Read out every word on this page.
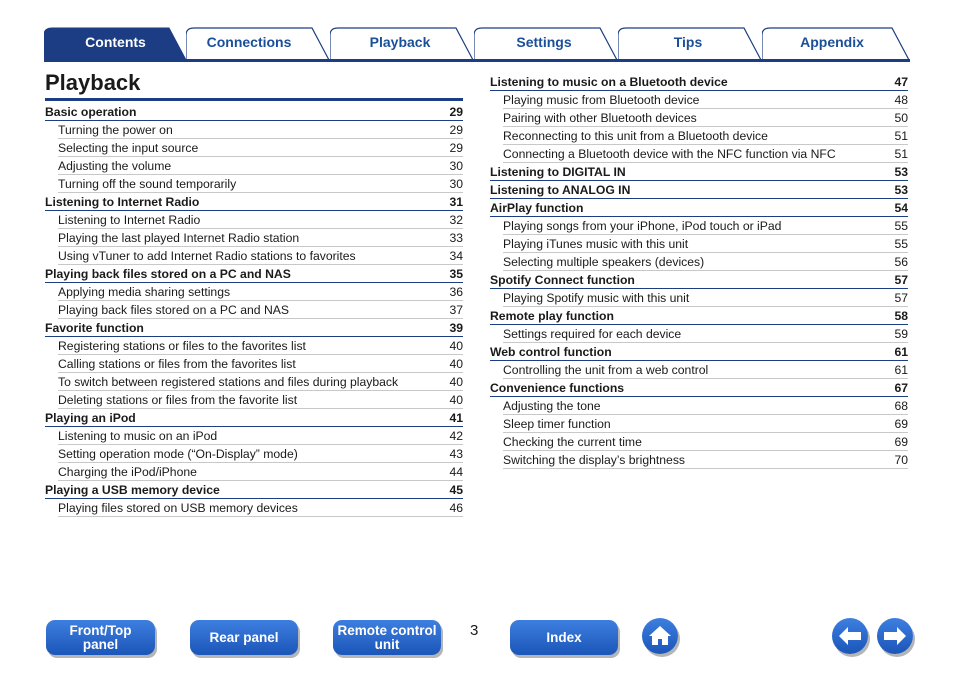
Contents	Connections	Playback	Settings	Tips	Appendix
Playback
Basic operation	29
Turning the power on	29
Selecting the input source	29
Adjusting the volume	30
Turning off the sound temporarily	30
Listening to Internet Radio	31
Listening to Internet Radio	32
Playing the last played Internet Radio station	33
Using vTuner to add Internet Radio stations to favorites	34
Playing back files stored on a PC and NAS	35
Applying media sharing settings	36
Playing back files stored on a PC and NAS	37
Favorite function	39
Registering stations or files to the favorites list	40
Calling stations or files from the favorites list	40
To switch between registered stations and files during playback	40
Deleting stations or files from the favorite list	40
Playing an iPod	41
Listening to music on an iPod	42
Setting operation mode (“On-Display” mode)	43
Charging the iPod/iPhone	44
Playing a USB memory device	45
Playing files stored on USB memory devices	46
Listening to music on a Bluetooth device	47
Playing music from Bluetooth device	48
Pairing with other Bluetooth devices	50
Reconnecting to this unit from a Bluetooth device	51
Connecting a Bluetooth device with the NFC function via NFC	51
Listening to DIGITAL IN	53
Listening to ANALOG IN	53
AirPlay function	54
Playing songs from your iPhone, iPod touch or iPad	55
Playing iTunes music with this unit	55
Selecting multiple speakers (devices)	56
Spotify Connect function	57
Playing Spotify music with this unit	57
Remote play function	58
Settings required for each device	59
Web control function	61
Controlling the unit from a web control	61
Convenience functions	67
Adjusting the tone	68
Sleep timer function	69
Checking the current time	69
Switching the display’s brightness	70
Front/Top
panel	Rear panel	Remote control
unit
3	Index
